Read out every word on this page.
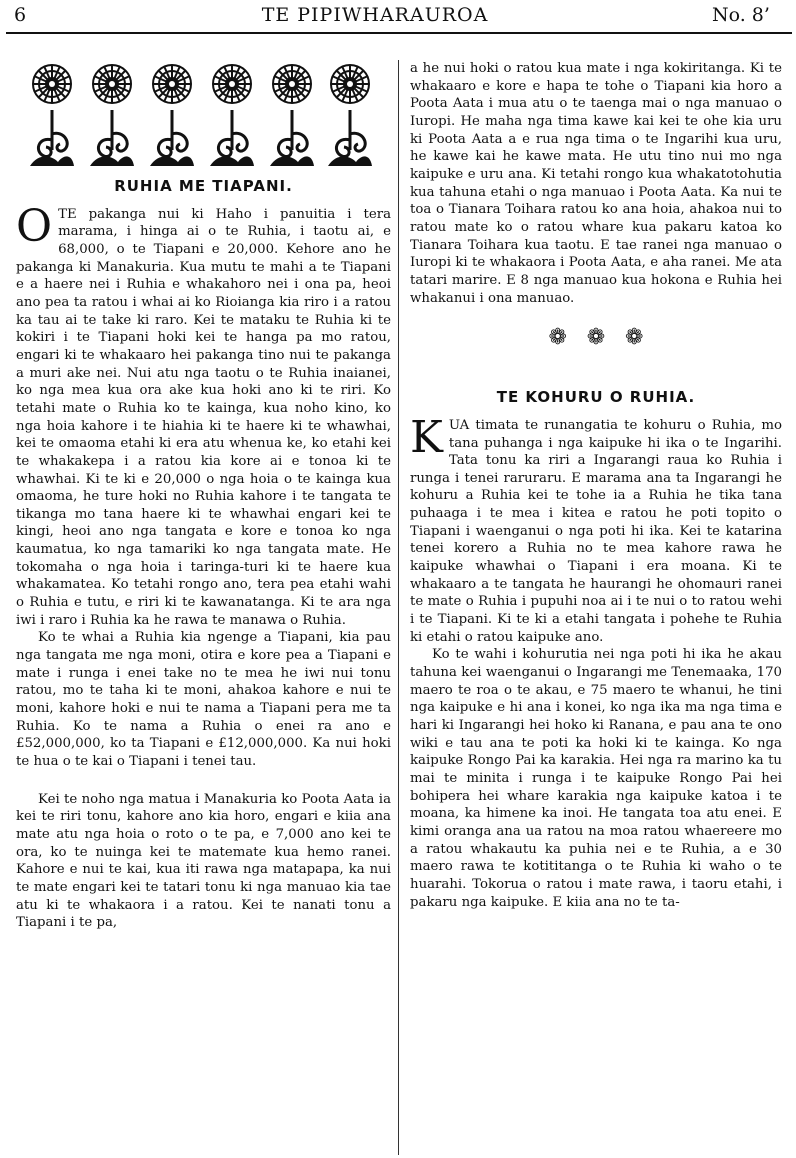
6	TE PIPIWHARAUROA	No. 8’
RUHIA ME TIAPANI.

OTE pakanga nui ki Haho i panuitia i tera marama, i hinga ai o te Ruhia, i taotu ai, e 68,000, o te Tiapani e 20,000. Kehore ano he pakanga ki Manakuria. Kua mutu te mahi a te Tiapani e a haere nei i Ruhia e whakahoro nei i ona pa, heoi ano pea ta ratou i whai ai ko Rioianga kia riro i a ratou ka tau ai te take ki raro. Kei te mataku te Ruhia ki te kokiri i te Tiapani hoki kei te hanga pa mo ratou, engari ki te whakaaro hei pakanga tino nui te pakanga a muri ake nei. Nui atu nga taotu o te Ruhia inaianei, ko nga mea kua ora ake kua hoki ano ki te riri. Ko tetahi mate o Ruhia ko te kainga, kua noho kino, ko nga hoia kahore i te hiahia ki te haere ki te whawhai, kei te omaoma etahi ki era atu whenua ke, ko etahi kei te whakakepa i a ratou kia kore ai e tonoa ki te whawhai. Ki te ki e 20,000 o nga hoia o te kainga kua omaoma, he ture hoki no Ruhia kahore i te tangata te tikanga mo tana haere ki te whawhai engari kei te kingi, heoi ano nga tangata e kore e tonoa ko nga kaumatua, ko nga tamariki ko nga tangata mate. He tokomaha o nga hoia i taringa-turi ki te haere kua whakamatea. Ko tetahi rongo ano, tera pea etahi wahi o Ruhia e tutu, e riri ki te kawanatanga. Ki te ara nga iwi i raro i Ruhia ka he rawa te manawa o Ruhia.

Ko te whai a Ruhia kia ngenge a Tiapani, kia pau nga tangata me nga moni, otira e kore pea a Tiapani e mate i runga i enei take no te mea he iwi nui tonu ratou, mo te taha ki te moni, ahakoa kahore e nui te moni, kahore hoki e nui te nama a Tiapani pera me ta Ruhia. Ko te nama a Ruhia o enei ra ano e £52,000,000, ko ta Tiapani e £12,000,000. Ka nui hoki te hua o te kai o Tiapani i tenei tau.

Kei te noho nga matua i Manakuria ko Poota Aata ia kei te riri tonu, kahore ano kia horo, engari e kiia ana mate atu nga hoia o roto o te pa, e 7,000 ano kei te ora, ko te nuinga kei te matemate kua hemo ranei. Kahore e nui te kai, kua iti rawa nga matapapa, ka nui te mate engari kei te tatari tonu ki nga manuao kia tae atu ki te whakaora i a ratou. Kei te nanati tonu a Tiapani i te pa,

a he nui hoki o ratou kua mate i nga kokiritanga. Ki te whakaaro e kore e hapa te tohe o Tiapani kia horo a Poota Aata i mua atu o te taenga mai o nga manuao o Iuropi. He maha nga tima kawe kai kei te ohe kia uru ki Poota Aata a e rua nga tima o te Ingarihi kua uru, he kawe kai he kawe mata. He utu tino nui mo nga kaipuke e uru ana. Ki tetahi rongo kua whakatotohutia kua tahuna etahi o nga manuao i Poota Aata. Ka nui te toa o Tianara Toihara ratou ko ana hoia, ahakoa nui to ratou mate ko o ratou whare kua pakaru katoa ko Tianara Toihara kua taotu. E tae ranei nga manuao o Iuropi ki te whakaora i Poota Aata, e aha ranei. Me ata tatari marire. E 8 nga manuao kua hokona e Ruhia hei whakanui i ona manuao.

❁ ❁ ❁
TE KOHURU O RUHIA.

KUA timata te runangatia te kohuru o Ruhia, mo tana puhanga i nga kaipuke hi ika o te Ingarihi. Tata tonu ka riri a Ingarangi raua ko Ruhia i runga i tenei raruraru. E marama ana ta Ingarangi he kohuru a Ruhia kei te tohe ia a Ruhia he tika tana puhaaga i te mea i kitea e ratou he poti topito o Tiapani i waenganui o nga poti hi ika. Kei te katarina tenei korero a Ruhia no te mea kahore rawa he kaipuke whawhai o Tiapani i era moana. Ki te whakaaro a te tangata he haurangi he ohomauri ranei te mate o Ruhia i pupuhi noa ai i te nui o to ratou wehi i te Tiapani. Ki te ki a etahi tangata i pohehe te Ruhia ki etahi o ratou kaipuke ano.

Ko te wahi i kohurutia nei nga poti hi ika he akau tahuna kei waenganui o Ingarangi me Tenemaaka, 170 maero te roa o te akau, e 75 maero te whanui, he tini nga kaipuke e hi ana i konei, ko nga ika ma nga tima e hari ki Ingarangi hei hoko ki Ranana, e pau ana te ono wiki e tau ana te poti ka hoki ki te kainga. Ko nga kaipuke Rongo Pai ka karakia. Hei nga ra marino ka tu mai te minita i runga i te kaipuke Rongo Pai hei bohipera hei whare karakia nga kaipuke katoa i te moana, ka himene ka inoi. He tangata toa atu enei. E kimi oranga ana ua ratou na moa ratou whaereere mo a ratou whakautu ka puhia nei e te Ruhia, a e 30 maero rawa te kotititanga o te Ruhia ki waho o te huarahi. Tokorua o ratou i mate rawa, i taoru etahi, i pakaru nga kaipuke. E kiia ana no te ta-
